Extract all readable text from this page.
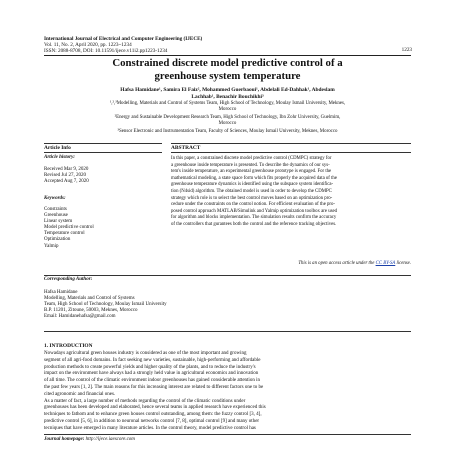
International Journal of Electrical and Computer Engineering (IJECE)
Vol. 11, No. 2, April 2020, pp. 1223~1234
ISSN: 2088-8708, DOI: 10.11591/ijece.v11i2.pp1223-1234	1223
Constrained discrete model predictive control of a
greenhouse system temperature
Hafsa Hamidane¹, Samira El Faiz², Mohammed Guerbaoui¹, Abdelali Ed-Dahhak¹, Abdeslam
Lachhab¹, Benachir Bouchikhi³
¹,²,³Modelling, Materials and Control of Systems Team, High School of Technology, Moulay Ismail University, Meknes,
Morocco
²Energy and Sustainable Development Research Team, High School of Technology, Ibn Zohr University, Guelmim,
Morocco
³Sensor Electronic and Instrumentation Team, Faculty of Sciences, Moulay Ismail University, Meknes, Morocco
Article Info
Article history:
Received Mar 9, 2020
Revised Jul 27, 2020
Accepted Aug 7, 2020
Keywords:
Constraints
Greenhouse
Linear system
Model predictive control
Temperature control
Optimization
Yalmip
ABSTRACT
In this paper, a constrained discrete model predictive control (CDMPC) strategy for
a greenhouse inside temperature is presented. To describe the dynamics of our sys-
tem's inside temperature, an experimental greenhouse prototype is engaged. For the
mathematical modeling, a state space form which fits properly the acquired data of the
greenhouse temperature dynamics is identified using the subspace system identifica-
tion (N4sid) algorithm. The obtained model is used in order to develop the CDMPC
strategy which role is to select the best control moves based on an optimization pro-
cedure under the constraints on the control notion. For efficient evaluation of the pro-
posed control approach MATLAB/Simulink and Yalmip optimization toolbox are used
for algorithm and blocks implementation. The simulation results confirm the accuracy
of the controllers that gurantees both the control and the reference tracking objectives.
This is an open access article under the CC BY-SA license.
Corresponding Author:
Hafsa Hamidane
Modelling, Materials and Control of Systems
Team, High School of Technology, Moulay Ismail University
B.P. 11201, Zitoune, 50003, Meknes, Morocco
Email: Hamidanehafsa@gmail.com
1. INTRODUCTION
Nowadays agricultural green houses industry is considered as one of the most important and growing
segment of all agri-food domains. In fact seeking new varieties, sustainable, high-performing and affordable
production methods to create powerful yields and higher quality of the plants, and to reduce the industry's
impact on the environment have always had a strongly held value in agricultural economics and innovation
of all time. The control of the climatic environment indoor greenhouses has gained considerable attention in
the past few years [1, 2]. The main reasons for this increasing interest are related to different factors one to be
cited agronomic and financial ones.
As a matter of fact, a large number of methods regarding the control of the climatic conditions under
greenhouses has been developed and elaborated, hence several teams in applied research have experienced this
techniques to fathom and to enhance green houses control outstanding, among them: the fuzzy control [3, 4],
predictive control [5, 6], in addition to neuronal networks control [7, 8], optimal control [9] and many other
tecniques that have emerged in many literature articles. In the control theory, model predictive control has
Journal homepage: http://ijece.iaescore.com
